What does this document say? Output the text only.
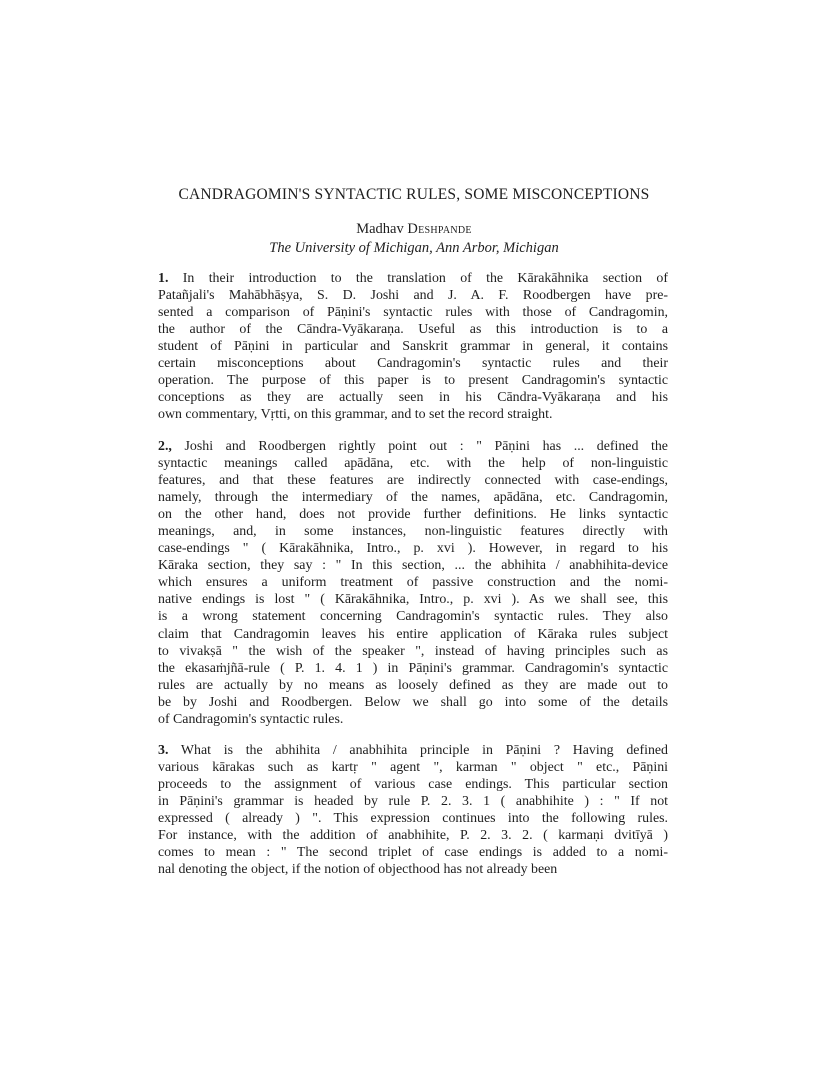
CANDRAGOMIN'S SYNTACTIC RULES, SOME MISCONCEPTIONS
Madhav Deshpande
The University of Michigan, Ann Arbor, Michigan
1. In their introduction to the translation of the Kārakāhnika section of
Patañjali's Mahābhāṣya, S. D. Joshi and J. A. F. Roodbergen have pre-
sented a comparison of Pāṇini's syntactic rules with those of Candragomin,
the author of the Cāndra-Vyākaraṇa. Useful as this introduction is to a
student of Pāṇini in particular and Sanskrit grammar in general, it contains
certain misconceptions about Candragomin's syntactic rules and their
operation. The purpose of this paper is to present Candragomin's syntactic
conceptions as they are actually seen in his Cāndra-Vyākaraṇa and his
own commentary, Vṛtti, on this grammar, and to set the record straight.
2., Joshi and Roodbergen rightly point out : " Pāṇini has ... defined the
syntactic meanings called apādāna, etc. with the help of non-linguistic
features, and that these features are indirectly connected with case-endings,
namely, through the intermediary of the names, apādāna, etc. Candragomin,
on the other hand, does not provide further definitions. He links syntactic
meanings, and, in some instances, non-linguistic features directly with
case-endings " ( Kārakāhnika, Intro., p. xvi ). However, in regard to his
Kāraka section, they say : " In this section, ... the abhihita / anabhihita-device
which ensures a uniform treatment of passive construction and the nomi-
native endings is lost " ( Kārakāhnika, Intro., p. xvi ). As we shall see, this
is a wrong statement concerning Candragomin's syntactic rules. They also
claim that Candragomin leaves his entire application of Kāraka rules subject
to vivakṣā " the wish of the speaker ", instead of having principles such as
the ekasaṁjñā-rule ( P. 1. 4. 1 ) in Pāṇini's grammar. Candragomin's syntactic
rules are actually by no means as loosely defined as they are made out to
be by Joshi and Roodbergen. Below we shall go into some of the details
of Candragomin's syntactic rules.
3. What is the abhihita / anabhihita principle in Pāṇini ? Having defined
various kārakas such as kartṛ " agent ", karman " object " etc., Pāṇini
proceeds to the assignment of various case endings. This particular section
in Pāṇini's grammar is headed by rule P. 2. 3. 1 ( anabhihite ) : " If not
expressed ( already ) ". This expression continues into the following rules.
For instance, with the addition of anabhihite, P. 2. 3. 2. ( karmaṇi dvitīyā )
comes to mean : " The second triplet of case endings is added to a nomi-
nal denoting the object, if the notion of objecthood has not already been
